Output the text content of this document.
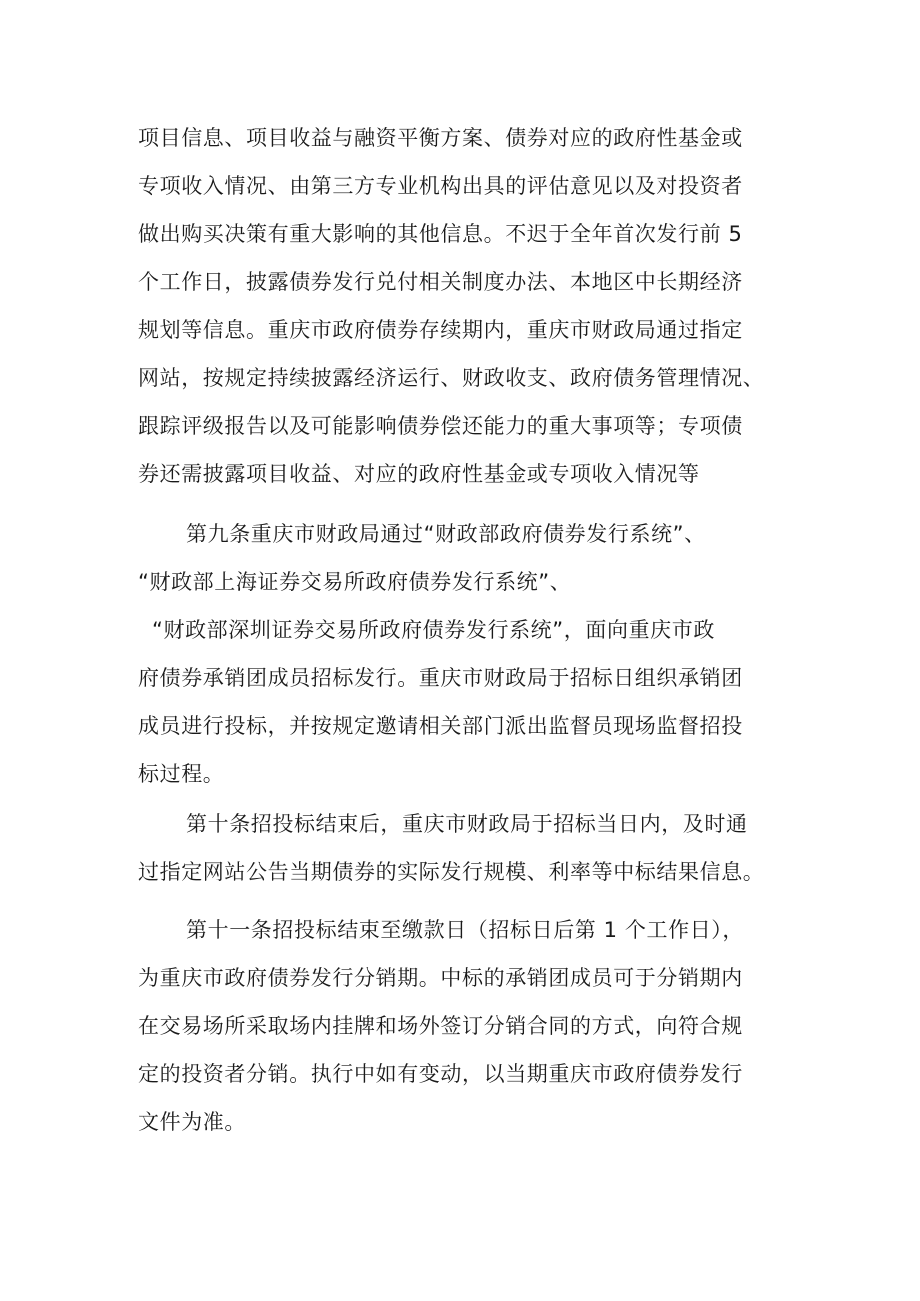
项目信息、项目收益与融资平衡方案、债券对应的政府性基金或
专项收入情况、由第三方专业机构出具的评估意见以及对投资者
做出购买决策有重大影响的其他信息。不迟于全年首次发行前 5
个工作日，披露债券发行兑付相关制度办法、本地区中长期经济
规划等信息。重庆市政府债券存续期内，重庆市财政局通过指定
网站，按规定持续披露经济运行、财政收支、政府债务管理情况、
跟踪评级报告以及可能影响债券偿还能力的重大事项等；专项债
券还需披露项目收益、对应的政府性基金或专项收入情况等
第九条重庆市财政局通过“财政部政府债券发行系统”、
“财政部上海证券交易所政府债券发行系统”、
“财政部深圳证券交易所政府债券发行系统”，面向重庆市政
府债券承销团成员招标发行。重庆市财政局于招标日组织承销团
成员进行投标，并按规定邀请相关部门派出监督员现场监督招投
标过程。
第十条招投标结束后，重庆市财政局于招标当日内，及时通
过指定网站公告当期债券的实际发行规模、利率等中标结果信息。
第十一条招投标结束至缴款日（招标日后第 1 个工作日），
为重庆市政府债券发行分销期。中标的承销团成员可于分销期内
在交易场所采取场内挂牌和场外签订分销合同的方式，向符合规
定的投资者分销。执行中如有变动，以当期重庆市政府债券发行
文件为准。
